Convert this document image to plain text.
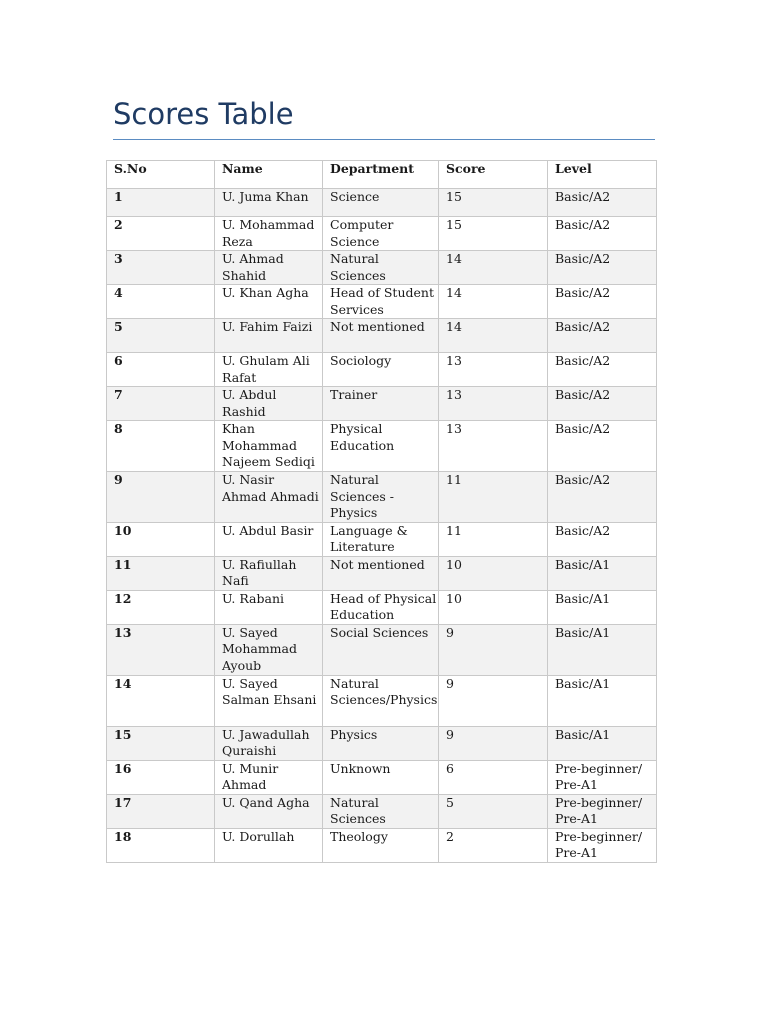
Scores Table
S.No	Name	Department	Score	Level
1	U. Juma Khan	Science	15	Basic/A2
2	U. Mohammad Reza	Computer Science	15	Basic/A2
3	U. Ahmad Shahid	Natural Sciences	14	Basic/A2
4	U. Khan Agha	Head of Student Services	14	Basic/A2
5	U. Fahim Faizi	Not mentioned	14	Basic/A2
6	U. Ghulam Ali Rafat	Sociology	13	Basic/A2
7	U. Abdul Rashid	Trainer	13	Basic/A2
8	Khan Mohammad Najeem Sediqi	Physical Education	13	Basic/A2
9	U. Nasir Ahmad Ahmadi	Natural Sciences - Physics	11	Basic/A2
10	U. Abdul Basir	Language & Literature	11	Basic/A2
11	U. Rafiullah Nafi	Not mentioned	10	Basic/A1
12	U. Rabani	Head of Physical Education	10	Basic/A1
13	U. Sayed Mohammad Ayoub	Social Sciences	9	Basic/A1
14	U. Sayed Salman Ehsani	Natural Sciences/Physics	9	Basic/A1
15	U. Jawadullah Quraishi	Physics	9	Basic/A1
16	U. Munir Ahmad	Unknown	6	Pre-beginner/ Pre-A1
17	U. Qand Agha	Natural Sciences	5	Pre-beginner/ Pre-A1
18	U. Dorullah	Theology	2	Pre-beginner/ Pre-A1
